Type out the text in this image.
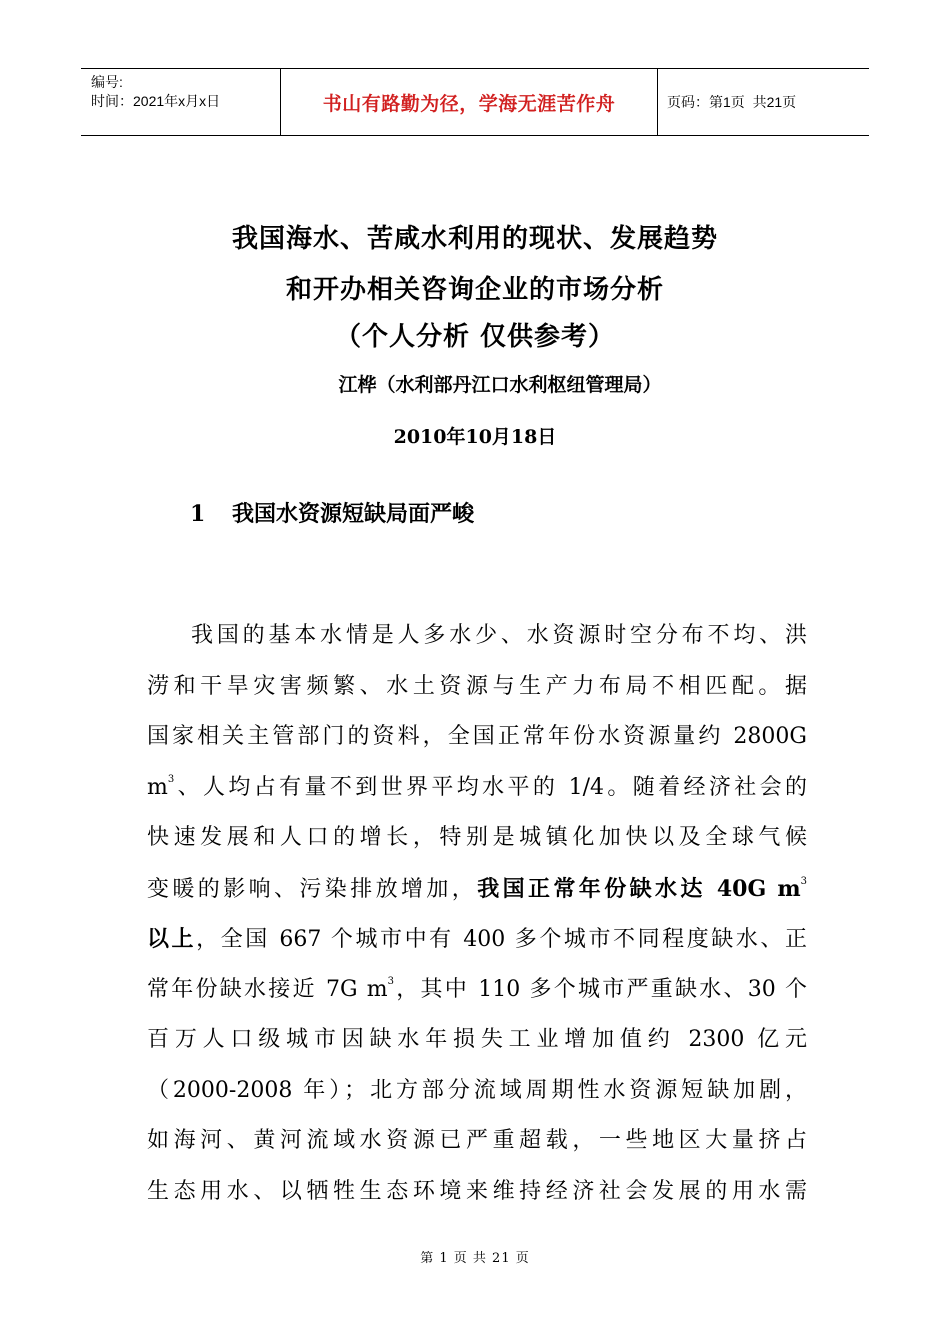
编号:
时间：2021年x月x日	书山有路勤为径，学海无涯苦作舟	页码：第1页  共21页
我国海水、苦咸水利用的现状、发展趋势
和开办相关咨询企业的市场分析
（个人分析 仅供参考）
江桦（水利部丹江口水利枢纽管理局）
2010年10月18日
1 我国水资源短缺局面严峻
我国的基本水情是人多水少、水资源时空分布不均、洪
涝和干旱灾害频繁、水土资源与生产力布局不相匹配。据
国家相关主管部门的资料，全国正常年份水资源量约 2800G
$m^3$、人均占有量不到世界平均水平的 1/4。随着经济社会的
快速发展和人口的增长，特别是城镇化加快以及全球气候
变暖的影响、污染排放增加，我国正常年份缺水达 40G $m^3$
以上，全国 667 个城市中有 400 多个城市不同程度缺水、正
常年份缺水接近 7G $m^3$，其中 110 多个城市严重缺水、30 个
百万人口级城市因缺水年损失工业增加值约 2300 亿元
（2000-2008 年）；北方部分流域周期性水资源短缺加剧，
如海河、黄河流域水资源已严重超载，一些地区大量挤占
生态用水、以牺牲生态环境来维持经济社会发展的用水需
第 1 页 共 21 页
